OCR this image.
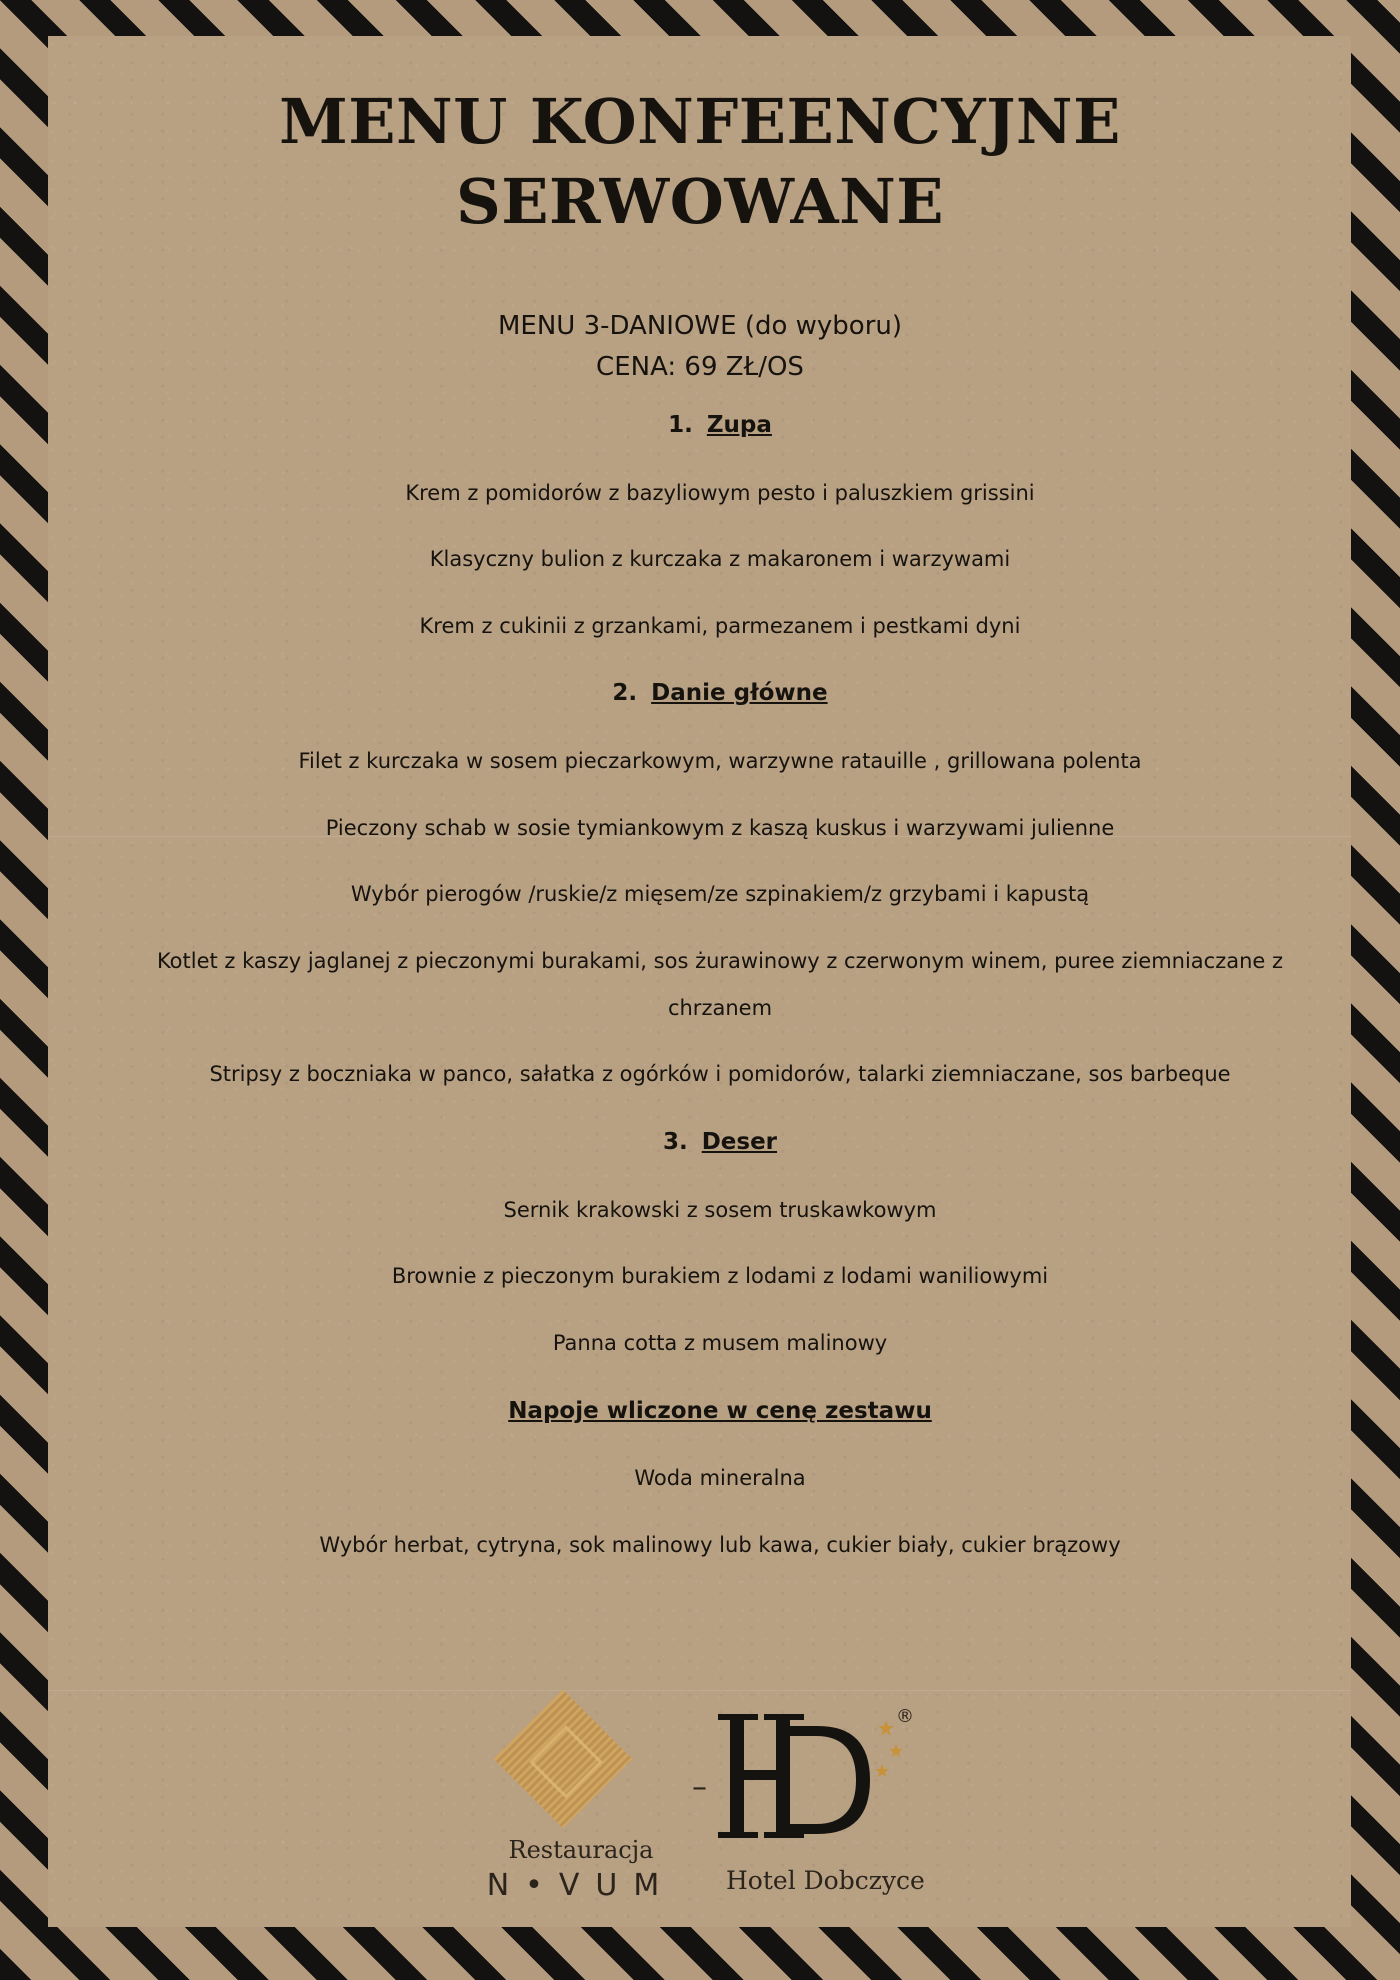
MENU KONFEENCYJNE
SERWOWANE

MENU 3-DANIOWE (do wyboru)

CENA: 69 ZŁ/OS

1. Zupa

Krem z pomidorów z bazyliowym pesto i paluszkiem grissini

Klasyczny bulion z kurczaka z makaronem i warzywami

Krem z cukinii z grzankami, parmezanem i pestkami dyni

2. Danie główne

Filet z kurczaka w sosem pieczarkowym, warzywne ratauille , grillowana polenta

Pieczony schab w sosie tymiankowym z kaszą kuskus i warzywami julienne

Wybór pierogów /ruskie/z mięsem/ze szpinakiem/z grzybami i kapustą

Kotlet z kaszy jaglanej z pieczonymi burakami, sos żurawinowy z czerwonym winem, puree ziemniaczane z

chrzanem

Stripsy z boczniaka w panco, sałatka z ogórków i pomidorów, talarki ziemniaczane, sos barbeque

3. Deser

Sernik krakowski z sosem truskawkowym

Brownie z pieczonym burakiem z lodami z lodami waniliowymi

Panna cotta z musem malinowy

Napoje wliczone w cenę zestawu

Woda mineralna

Wybór herbat, cytryna, sok malinowy lub kawa, cukier biały, cukier brązowy

Restauracja
N•VUM
–
®
Hotel Dobczyce
